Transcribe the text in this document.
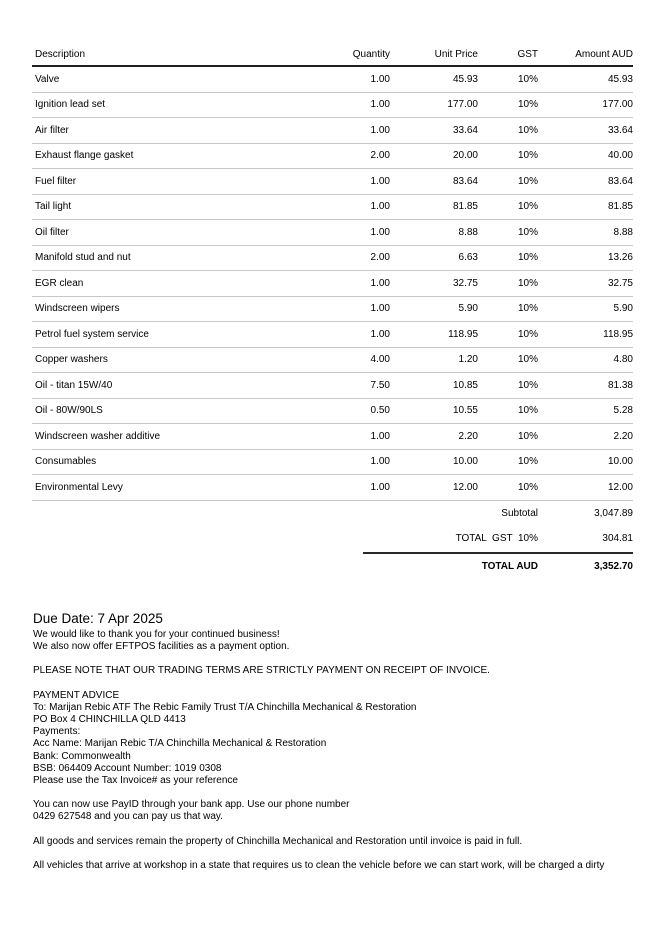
Description	Quantity	Unit Price	GST	Amount AUD
Valve	1.00	45.93	10%	45.93
Ignition lead set	1.00	177.00	10%	177.00
Air filter	1.00	33.64	10%	33.64
Exhaust flange gasket	2.00	20.00	10%	40.00
Fuel filter	1.00	83.64	10%	83.64
Tail light	1.00	81.85	10%	81.85
Oil filter	1.00	8.88	10%	8.88
Manifold stud and nut	2.00	6.63	10%	13.26
EGR clean	1.00	32.75	10%	32.75
Windscreen wipers	1.00	5.90	10%	5.90
Petrol fuel system service	1.00	118.95	10%	118.95
Copper washers	4.00	1.20	10%	4.80
Oil - titan 15W/40	7.50	10.85	10%	81.38
Oil - 80W/90LS	0.50	10.55	10%	5.28
Windscreen washer additive	1.00	2.20	10%	2.20
Consumables	1.00	10.00	10%	10.00
Environmental Levy	1.00	12.00	10%	12.00
Subtotal	3,047.89
TOTAL  GST  10%	304.81
TOTAL AUD	3,352.70
Due Date: 7 Apr 2025
We would like to thank you for your continued business!
We also now offer EFTPOS facilities as a payment option.
PLEASE NOTE THAT OUR TRADING TERMS ARE STRICTLY PAYMENT ON RECEIPT OF INVOICE.
PAYMENT ADVICE
To: Marijan Rebic ATF The Rebic Family Trust T/A Chinchilla Mechanical & Restoration
PO Box 4 CHINCHILLA QLD 4413
Payments:
Acc Name: Marijan Rebic T/A Chinchilla Mechanical & Restoration
Bank: Commonwealth
BSB: 064409 Account Number: 1019 0308
Please use the Tax Invoice# as your reference
You can now use PayID through your bank app. Use our phone number
0429 627548 and you can pay us that way.
All goods and services remain the property of Chinchilla Mechanical and Restoration until invoice is paid in full.
All vehicles that arrive at workshop in a state that requires us to clean the vehicle before we can start work, will be charged a dirty
